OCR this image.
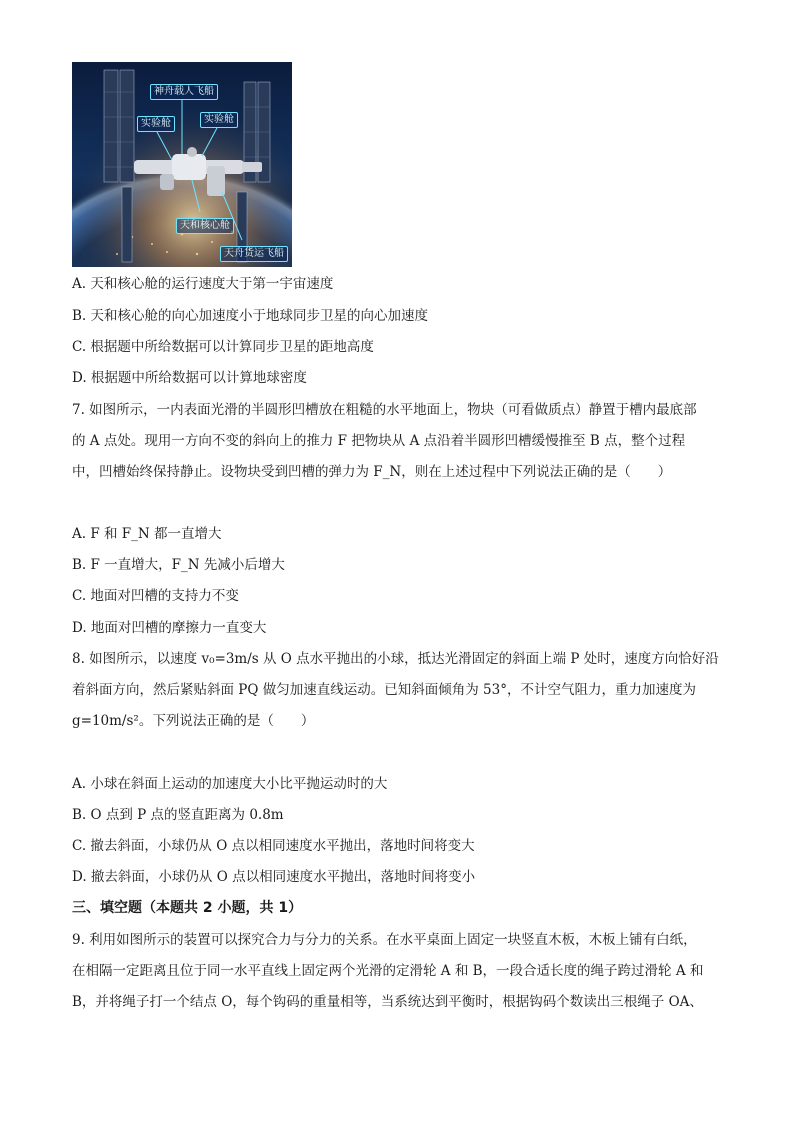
神舟载人飞船
实验舱	实验舱
天和核心舱
天舟货运飞船
A. 天和核心舱的运行速度大于第一宇宙速度
B. 天和核心舱的向心加速度小于地球同步卫星的向心加速度
C. 根据题中所给数据可以计算同步卫星的距地高度
D. 根据题中所给数据可以计算地球密度
7. 如图所示，一内表面光滑的半圆形凹槽放在粗糙的水平地面上，物块（可看做质点）静置于槽内最底部
的 A 点处。现用一方向不变的斜向上的推力 F 把物块从 A 点沿着半圆形凹槽缓慢推至 B 点，整个过程
中，凹槽始终保持静止。设物块受到凹槽的弹力为 F_N，则在上述过程中下列说法正确的是（　　）
A. F 和 F_N 都一直增大
B. F 一直增大，F_N 先减小后增大
C. 地面对凹槽的支持力不变
D. 地面对凹槽的摩擦力一直变大
8. 如图所示，以速度 v₀=3m/s 从 O 点水平抛出的小球，抵达光滑固定的斜面上端 P 处时，速度方向恰好沿
着斜面方向，然后紧贴斜面 PQ 做匀加速直线运动。已知斜面倾角为 53°，不计空气阻力，重力加速度为
g=10m/s²。下列说法正确的是（　　）
A. 小球在斜面上运动的加速度大小比平抛运动时的大
B. O 点到 P 点的竖直距离为 0.8m
C. 撤去斜面，小球仍从 O 点以相同速度水平抛出，落地时间将变大
D. 撤去斜面，小球仍从 O 点以相同速度水平抛出，落地时间将变小
三、填空题（本题共 2 小题，共 1）
9. 利用如图所示的装置可以探究合力与分力的关系。在水平桌面上固定一块竖直木板，木板上铺有白纸，
在相隔一定距离且位于同一水平直线上固定两个光滑的定滑轮 A 和 B，一段合适长度的绳子跨过滑轮 A 和
B，并将绳子打一个结点 O，每个钩码的重量相等，当系统达到平衡时，根据钩码个数读出三根绳子 OA、
